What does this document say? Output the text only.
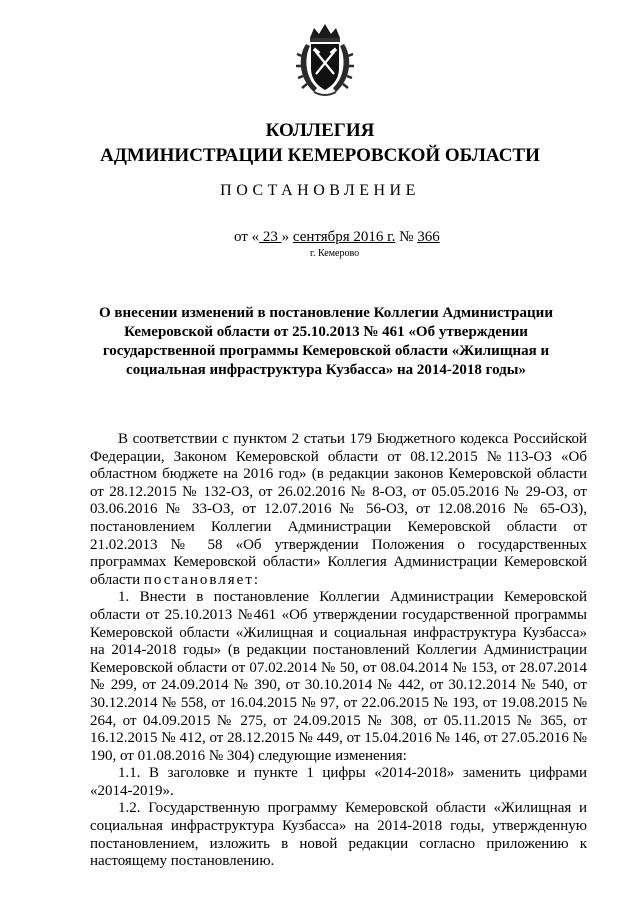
КОЛЛЕГИЯ
АДМИНИСТРАЦИИ КЕМЕРОВСКОЙ ОБЛАСТИ
ПОСТАНОВЛЕНИЕ
от « 23 » сентября 2016 г. № 366
г. Кемерово
О внесении изменений в постановление Коллегии Администрации
Кемеровской области от 25.10.2013 № 461 «Об утверждении
государственной программы Кемеровской области «Жилищная и
социальная инфраструктура Кузбасса» на 2014-2018 годы»

В соответствии с пунктом 2 статьи 179 Бюджетного кодекса Российской Федерации, Законом Кемеровской области от 08.12.2015 №113-ОЗ «Об областном бюджете на 2016 год» (в редакции законов Кемеровской области от 28.12.2015 № 132-ОЗ, от 26.02.2016 № 8-ОЗ, от 05.05.2016 № 29-ОЗ, от 03.06.2016 № 33-ОЗ, от 12.07.2016 № 56-ОЗ, от 12.08.2016 № 65-ОЗ), постановлением Коллегии Администрации Кемеровской области от 21.02.2013 № 58 «Об утверждении Положения о государственных программах Кемеровской области» Коллегия Администрации Кемеровской области постановляет:

1. Внести в постановление Коллегии Администрации Кемеровской области от 25.10.2013 №461 «Об утверждении государственной программы Кемеровской области «Жилищная и социальная инфраструктура Кузбасса» на 2014-2018 годы» (в редакции постановлений Коллегии Администрации Кемеровской области от 07.02.2014 № 50, от 08.04.2014 № 153, от 28.07.2014 № 299, от 24.09.2014 № 390, от 30.10.2014 № 442, от 30.12.2014 № 540, от 30.12.2014 № 558, от 16.04.2015 № 97, от 22.06.2015 № 193, от 19.08.2015 № 264, от 04.09.2015 № 275, от 24.09.2015 № 308, от 05.11.2015 № 365, от 16.12.2015 № 412, от 28.12.2015 № 449, от 15.04.2016 № 146, от 27.05.2016 № 190, от 01.08.2016 № 304) следующие изменения:

1.1. В заголовке и пункте 1 цифры «2014-2018» заменить цифрами «2014-2019».

1.2. Государственную программу Кемеровской области «Жилищная и социальная инфраструктура Кузбасса» на 2014-2018 годы, утвержденную постановлением, изложить в новой редакции согласно приложению к настоящему постановлению.
